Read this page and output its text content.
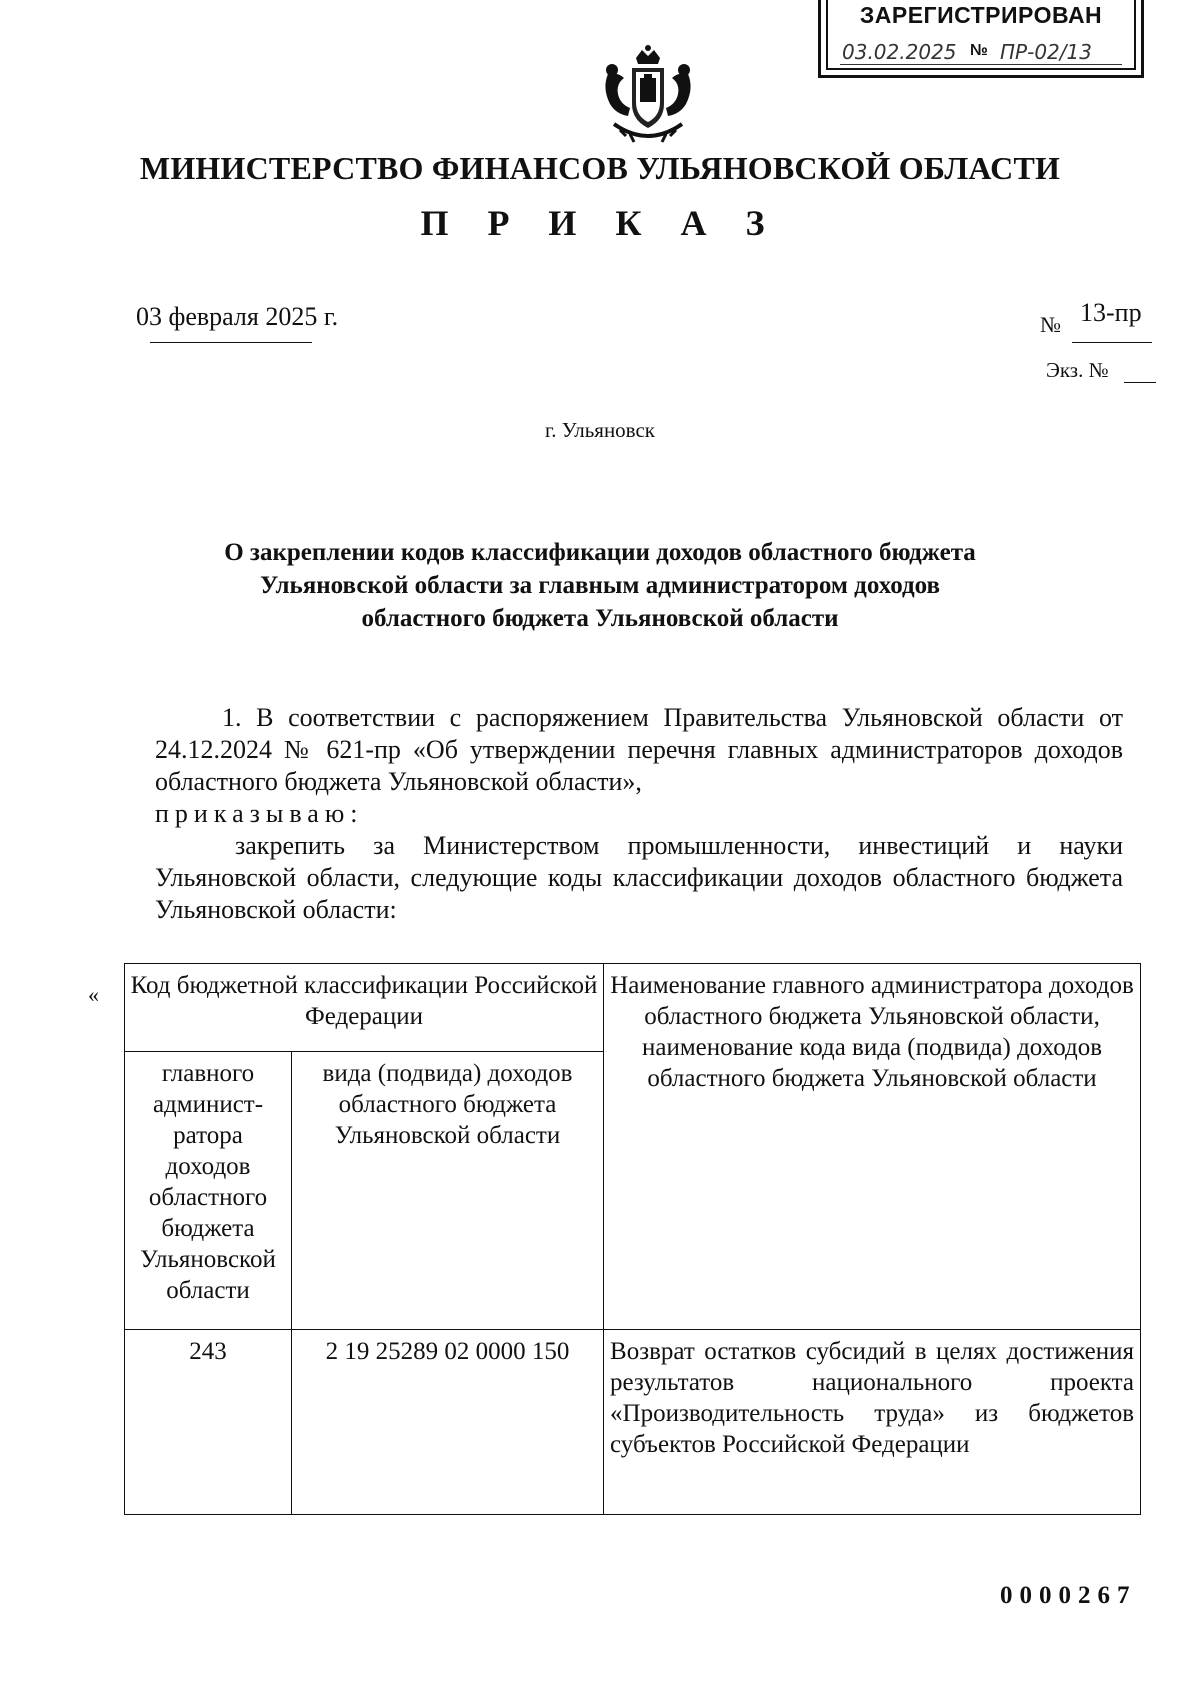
ЗАРЕГИСТРИРОВАН
03.02.2025 № ПР-02/13
МИНИСТЕРСТВО ФИНАНСОВ УЛЬЯНОВСКОЙ ОБЛАСТИ
П Р И К А З
03 февраля 2025 г.	№ 13-пр
Экз. №
г. Ульяновск
О закреплении кодов классификации доходов областного бюджета
Ульяновской области за главным администратором доходов
областного бюджета Ульяновской области

1. В соответствии с распоряжением Правительства Ульяновской области от 24.12.2024 № 621-пр «Об утверждении перечня главных администраторов доходов областного бюджета Ульяновской области»,

приказываю:

закрепить за Министерством промышленности, инвестиций и науки Ульяновской области, следующие коды классификации доходов областного бюджета Ульяновской области:

« Код бюджетной классификации Российской Федерации		Наименование главного администратора доходов областного бюджета Ульяновской области, наименование кода вида (подвида) доходов областного бюджета Ульяновской области
главного админист-ратора доходов областного бюджета Ульяновской области	вида (подвида) доходов областного бюджета Ульяновской области	
243	2 19 25289 02 0000 150	Возврат остатков субсидий в целях достижения результатов национального проекта «Производительность труда» из бюджетов субъектов Российской Федерации
0000267
